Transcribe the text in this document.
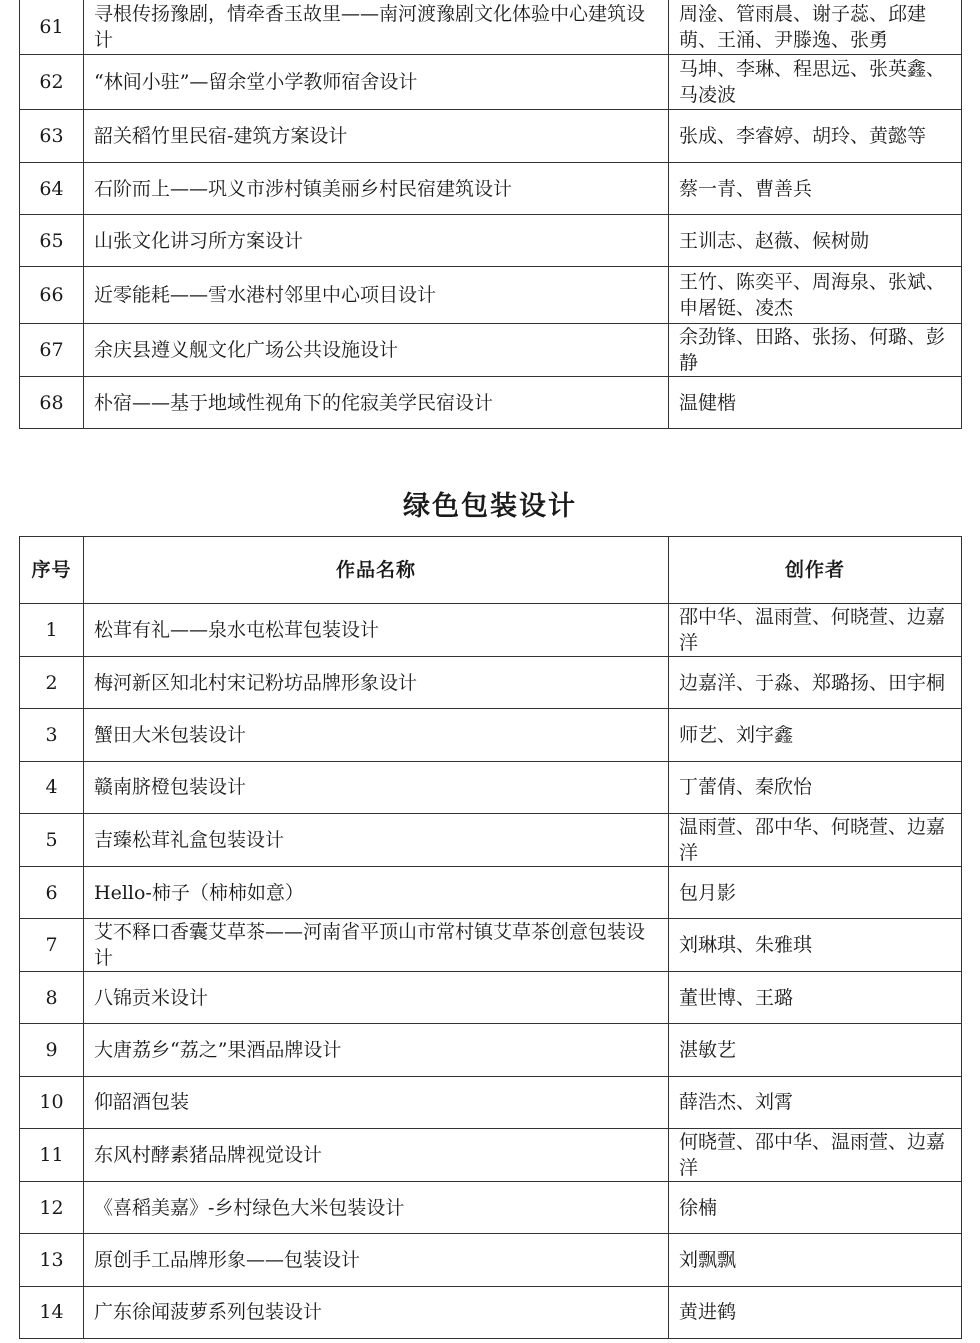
61	寻根传扬豫剧，情牵香玉故里——南河渡豫剧文化体验中心建筑设计	周淦、管雨晨、谢子蕊、邱建萌、王涌、尹滕逸、张勇
62	“林间小驻”—留余堂小学教师宿舍设计	马坤、李琳、程思远、张英鑫、马凌波
63	韶关稻竹里民宿-建筑方案设计	张成、李睿婷、胡玲、黄懿等
64	石阶而上——巩义市涉村镇美丽乡村民宿建筑设计	蔡一青、曹善兵
65	山张文化讲习所方案设计	王训志、赵薇、候树勋
66	近零能耗——雪水港村邻里中心项目设计	王竹、陈奕平、周海泉、张斌、申屠铤、凌杰
67	余庆县遵义舰文化广场公共设施设计	余劲锋、田路、张扬、何璐、彭静
68	朴宿——基于地域性视角下的侘寂美学民宿设计	温健楷
绿色包装设计
序号	作品名称	创作者
1	松茸有礼——泉水屯松茸包装设计	邵中华、温雨萱、何晓萱、边嘉洋
2	梅河新区知北村宋记粉坊品牌形象设计	边嘉洋、于淼、郑璐扬、田宇桐
3	蟹田大米包装设计	师艺、刘宇鑫
4	赣南脐橙包装设计	丁蕾倩、秦欣怡
5	吉臻松茸礼盒包装设计	温雨萱、邵中华、何晓萱、边嘉洋
6	Hello-柿子（柿柿如意）	包月影
7	艾不释口香囊艾草茶——河南省平顶山市常村镇艾草茶创意包装设计	刘琳琪、朱雅琪
8	八锦贡米设计	董世博、王璐
9	大唐荔乡“荔之”果酒品牌设计	湛敏艺
10	仰韶酒包装	薛浩杰、刘霄
11	东风村酵素猪品牌视觉设计	何晓萱、邵中华、温雨萱、边嘉洋
12	《喜稻美嘉》-乡村绿色大米包装设计	徐楠
13	原创手工品牌形象——包装设计	刘飘飘
14	广东徐闻菠萝系列包装设计	黄进鹤
